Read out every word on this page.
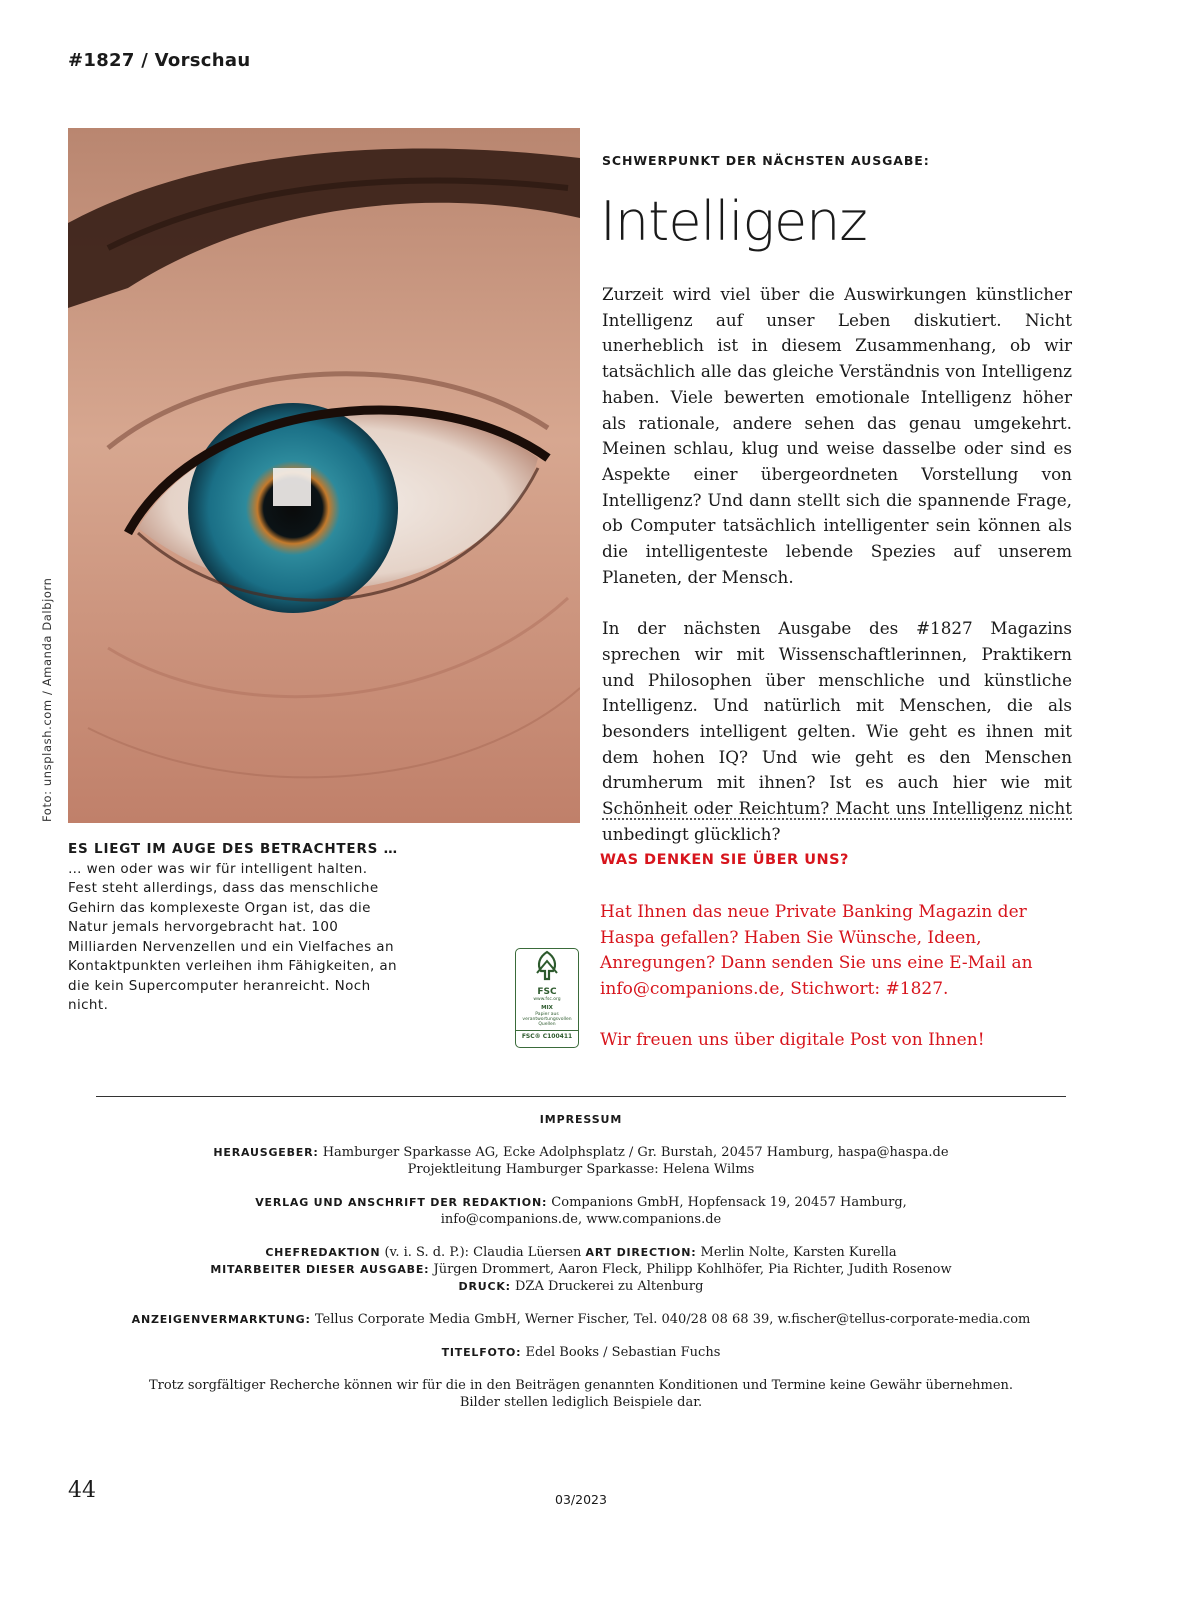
#1827 / Vorschau
Foto: unsplash.com / Amanda Dalbjorn
ES LIEGT IM AUGE DES BETRACHTERS …
… wen oder was wir für intelligent halten. Fest steht allerdings, dass das menschliche Gehirn das komplexeste Organ ist, das die Natur jemals hervorgebracht hat. 100 Milliarden Nervenzellen und ein Vielfaches an Kontaktpunkten verleihen ihm Fähigkeiten, an die kein Supercomputer heranreicht. Noch nicht.
SCHWERPUNKT DER NÄCHSTEN AUSGABE:
Intelligenz

Zurzeit wird viel über die Auswirkungen künstlicher Intelligenz auf unser Leben diskutiert. Nicht unerheblich ist in diesem Zusammenhang, ob wir tatsächlich alle das gleiche Verständnis von Intelligenz haben. Viele bewerten emotionale Intelligenz höher als rationale, andere sehen das genau umgekehrt. Meinen schlau, klug und weise dasselbe oder sind es Aspekte einer übergeordneten Vorstellung von Intelligenz? Und dann stellt sich die spannende Frage, ob Computer tatsächlich intelligenter sein können als die intelligenteste lebende Spezies auf unserem Planeten, der Mensch.

In der nächsten Ausgabe des #1827 Magazins sprechen wir mit Wissenschaftlerinnen, Praktikern und Philosophen über menschliche und künstliche Intelligenz. Und natürlich mit Menschen, die als besonders intelligent gelten. Wie geht es ihnen mit dem hohen IQ? Und wie geht es den Menschen drumherum mit ihnen? Ist es auch hier wie mit Schönheit oder Reichtum? Macht uns Intelligenz nicht unbedingt glücklich?

WAS DENKEN SIE ÜBER UNS?

Hat Ihnen das neue Private Banking Magazin der Haspa gefallen? Haben Sie Wünsche, Ideen, Anregungen? Dann senden Sie uns eine E-Mail an info@companions.de, Stichwort: #1827.

Wir freuen uns über digitale Post von Ihnen!

FSC
www.fsc.org
MIX
Papier aus verantwortungsvollen Quellen
FSC® C100411
IMPRESSUM
HERAUSGEBER: Hamburger Sparkasse AG, Ecke Adolphsplatz / Gr. Burstah, 20457 Hamburg, haspa@haspa.de
Projektleitung Hamburger Sparkasse: Helena Wilms
VERLAG UND ANSCHRIFT DER REDAKTION: Companions GmbH, Hopfensack 19, 20457 Hamburg,
info@companions.de, www.companions.de
CHEFREDAKTION (v. i. S. d. P.): Claudia Lüersen ART DIRECTION: Merlin Nolte, Karsten Kurella
MITARBEITER DIESER AUSGABE: Jürgen Drommert, Aaron Fleck, Philipp Kohlhöfer, Pia Richter, Judith Rosenow
DRUCK: DZA Druckerei zu Altenburg
ANZEIGENVERMARKTUNG: Tellus Corporate Media GmbH, Werner Fischer, Tel. 040/28 08 68 39, w.fischer@tellus-corporate-media.com
TITELFOTO: Edel Books / Sebastian Fuchs
Trotz sorgfältiger Recherche können wir für die in den Beiträgen genannten Konditionen und Termine keine Gewähr übernehmen.
Bilder stellen lediglich Beispiele dar.
44	03/2023
